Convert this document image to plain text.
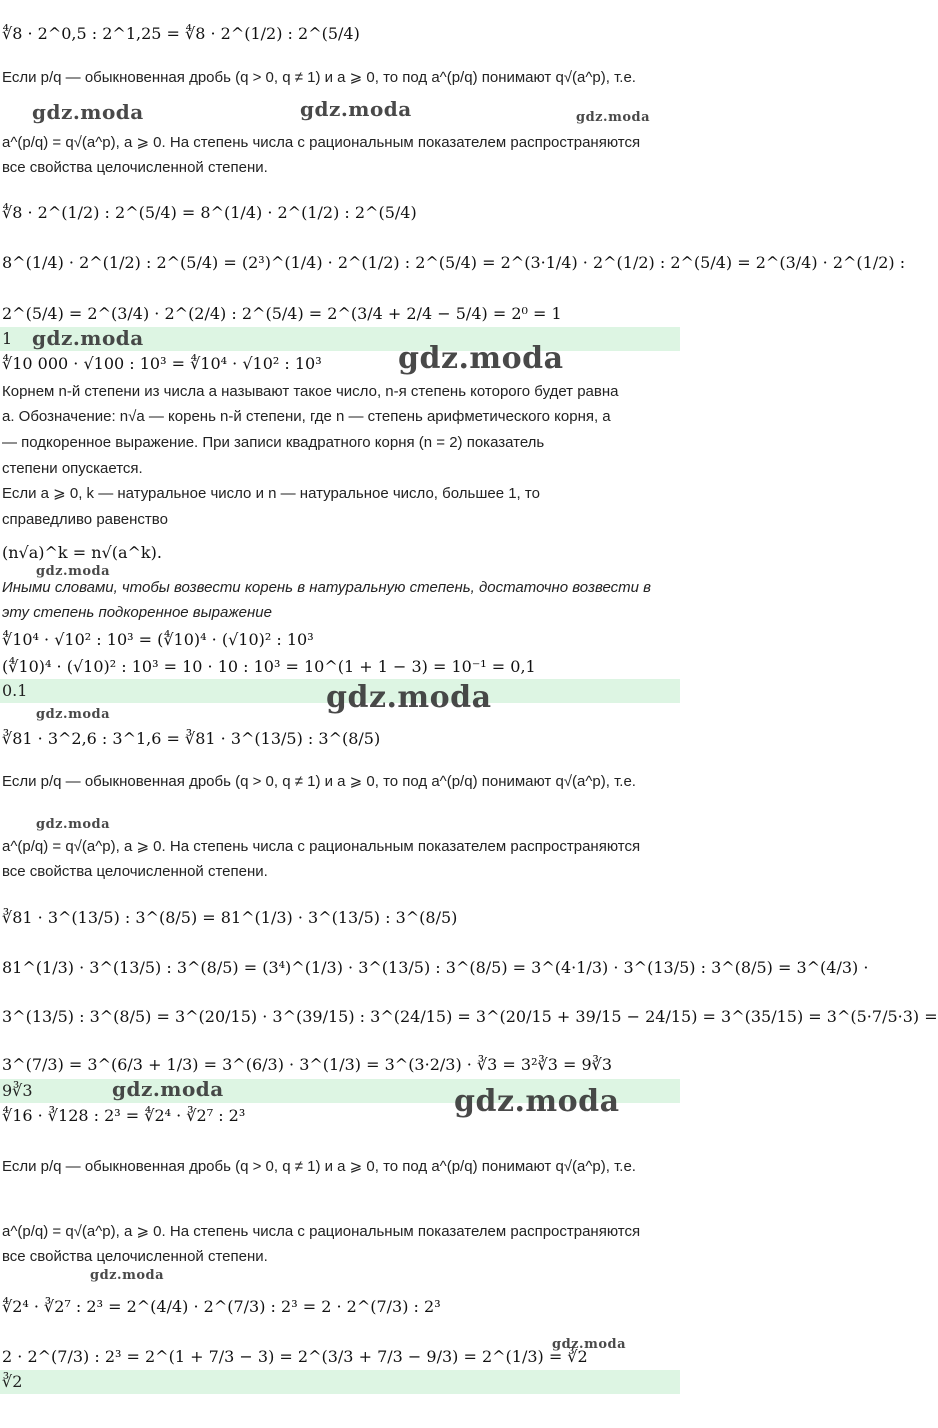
∜8 · 2^0,5 : 2^1,25 = ∜8 · 2^(1/2) : 2^(5/4)
Если p/q — обыкновенная дробь (q > 0, q ≠ 1) и a ⩾ 0, то под a^(p/q) понимают q√(a^p), т.е.
a^(p/q) = q√(a^p), a ⩾ 0. На степень числа с рациональным показателем распространяются
все свойства целочисленной степени.
∜8 · 2^(1/2) : 2^(5/4) = 8^(1/4) · 2^(1/2) : 2^(5/4)
8^(1/4) · 2^(1/2) : 2^(5/4) = (2³)^(1/4) · 2^(1/2) : 2^(5/4) = 2^(3·1/4) · 2^(1/2) : 2^(5/4) = 2^(3/4) · 2^(1/2) :
2^(5/4) = 2^(3/4) · 2^(2/4) : 2^(5/4) = 2^(3/4 + 2/4 − 5/4) = 2⁰ = 1
1
∜10 000 · √100 : 10³ = ∜10⁴ · √10² : 10³
Корнем n-й степени из числа a называют такое число, n-я степень которого будет равна
a. Обозначение: n√a — корень n-й степени, где n — степень арифметического корня, a
— подкоренное выражение. При записи квадратного корня (n = 2) показатель
степени опускается.
Если a ⩾ 0, k — натуральное число и n — натуральное число, большее 1, то
справедливо равенство
(n√a)^k = n√(a^k).
Иными словами, чтобы возвести корень в натуральную степень, достаточно возвести в
эту степень подкоренное выражение
∜10⁴ · √10² : 10³ = (∜10)⁴ · (√10)² : 10³
(∜10)⁴ · (√10)² : 10³ = 10 · 10 : 10³ = 10^(1 + 1 − 3) = 10⁻¹ = 0,1
0.1
∛81 · 3^2,6 : 3^1,6 = ∛81 · 3^(13/5) : 3^(8/5)
Если p/q — обыкновенная дробь (q > 0, q ≠ 1) и a ⩾ 0, то под a^(p/q) понимают q√(a^p), т.е.
a^(p/q) = q√(a^p), a ⩾ 0. На степень числа с рациональным показателем распространяются
все свойства целочисленной степени.
∛81 · 3^(13/5) : 3^(8/5) = 81^(1/3) · 3^(13/5) : 3^(8/5)
81^(1/3) · 3^(13/5) : 3^(8/5) = (3⁴)^(1/3) · 3^(13/5) : 3^(8/5) = 3^(4·1/3) · 3^(13/5) : 3^(8/5) = 3^(4/3) ·
3^(13/5) : 3^(8/5) = 3^(20/15) · 3^(39/15) : 3^(24/15) = 3^(20/15 + 39/15 − 24/15) = 3^(35/15) = 3^(5·7/5·3) =
3^(7/3) = 3^(6/3 + 1/3) = 3^(6/3) · 3^(1/3) = 3^(3·2/3) · ∛3 = 3²∛3 = 9∛3
9∛3
∜16 · ∛128 : 2³ = ∜2⁴ · ∛2⁷ : 2³
Если p/q — обыкновенная дробь (q > 0, q ≠ 1) и a ⩾ 0, то под a^(p/q) понимают q√(a^p), т.е.
a^(p/q) = q√(a^p), a ⩾ 0. На степень числа с рациональным показателем распространяются
все свойства целочисленной степени.
∜2⁴ · ∛2⁷ : 2³ = 2^(4/4) · 2^(7/3) : 2³ = 2 · 2^(7/3) : 2³
2 · 2^(7/3) : 2³ = 2^(1 + 7/3 − 3) = 2^(3/3 + 7/3 − 9/3) = 2^(1/3) = ∛2
∛2
gdz.moda	gdz.moda	gdz.moda
gdz.moda
gdz.moda
gdz.moda
gdz.moda
gdz.moda
gdz.moda
gdz.moda	gdz.moda
gdz.moda
gdz.moda
